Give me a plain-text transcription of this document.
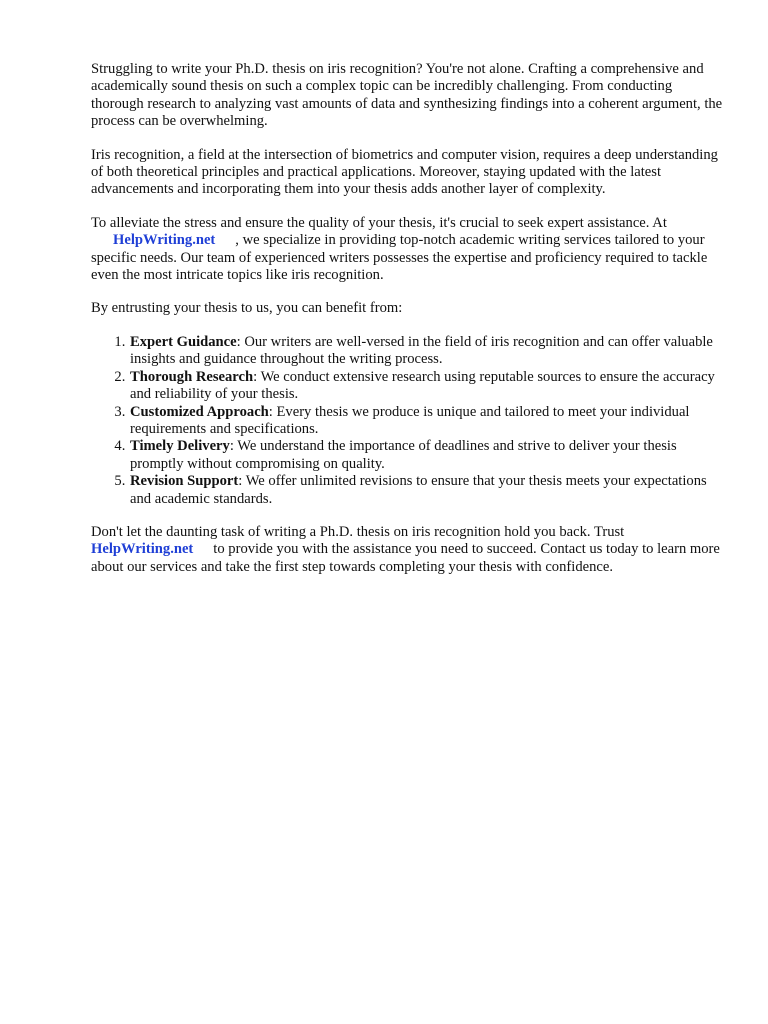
Struggling to write your Ph.D. thesis on iris recognition? You're not alone. Crafting a comprehensive and academically sound thesis on such a complex topic can be incredibly challenging. From conducting thorough research to analyzing vast amounts of data and synthesizing findings into a coherent argument, the process can be overwhelming.

Iris recognition, a field at the intersection of biometrics and computer vision, requires a deep understanding of both theoretical principles and practical applications. Moreover, staying updated with the latest advancements and incorporating them into your thesis adds another layer of complexity.

To alleviate the stress and ensure the quality of your thesis, it's crucial to seek expert assistance. At
HelpWriting.net , we specialize in providing top-notch academic writing services tailored to your specific needs. Our team of experienced writers possesses the expertise and proficiency required to tackle even the most intricate topics like iris recognition.

By entrusting your thesis to us, you can benefit from:

1. Expert Guidance: Our writers are well-versed in the field of iris recognition and can offer valuable insights and guidance throughout the writing process.
2. Thorough Research: We conduct extensive research using reputable sources to ensure the accuracy and reliability of your thesis.
3. Customized Approach: Every thesis we produce is unique and tailored to meet your individual requirements and specifications.
4. Timely Delivery: We understand the importance of deadlines and strive to deliver your thesis promptly without compromising on quality.
5. Revision Support: We offer unlimited revisions to ensure that your thesis meets your expectations and academic standards.

Don't let the daunting task of writing a Ph.D. thesis on iris recognition hold you back. Trust
HelpWriting.net to provide you with the assistance you need to succeed. Contact us today to learn more about our services and take the first step towards completing your thesis with confidence.
